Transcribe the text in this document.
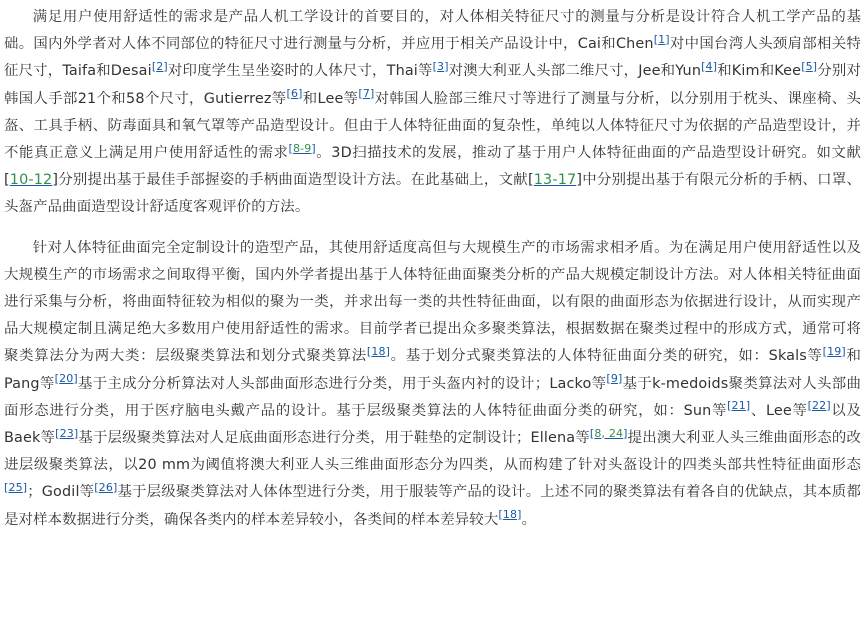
满足用户使用舒适性的需求是产品人机工学设计的首要目的，对人体相关特征尺寸的测量与分析是设计符合人机工学产品的基础。国内外学者对人体不同部位的特征尺寸进行测量与分析，并应用于相关产品设计中，Cai和Chen[1]对中国台湾人头颈肩部相关特征尺寸，Taifa和Desai[2]对印度学生呈坐姿时的人体尺寸，Thai等[3]对澳大利亚人头部二维尺寸，Jee和Yun[4]和Kim和Kee[5]分别对韩国人手部21个和58个尺寸，Gutierrez等[6]和Lee等[7]对韩国人脸部三维尺寸等进行了测量与分析，以分别用于枕头、课座椅、头盔、工具手柄、防毒面具和氧气罩等产品造型设计。但由于人体特征曲面的复杂性，单纯以人体特征尺寸为依据的产品造型设计，并不能真正意义上满足用户使用舒适性的需求[8-9]。3D扫描技术的发展，推动了基于用户人体特征曲面的产品造型设计研究。如文献[10-12]分别提出基于最佳手部握姿的手柄曲面造型设计方法。在此基础上，文献[13-17]中分别提出基于有限元分析的手柄、口罩、头盔产品曲面造型设计舒适度客观评价的方法。

针对人体特征曲面完全定制设计的造型产品，其使用舒适度高但与大规模生产的市场需求相矛盾。为在满足用户使用舒适性以及大规模生产的市场需求之间取得平衡，国内外学者提出基于人体特征曲面聚类分析的产品大规模定制设计方法。对人体相关特征曲面进行采集与分析，将曲面特征较为相似的聚为一类，并求出每一类的共性特征曲面，以有限的曲面形态为依据进行设计，从而实现产品大规模定制且满足绝大多数用户使用舒适性的需求。目前学者已提出众多聚类算法，根据数据在聚类过程中的形成方式，通常可将聚类算法分为两大类：层级聚类算法和划分式聚类算法[18]。基于划分式聚类算法的人体特征曲面分类的研究，如：Skals等[19]和Pang等[20]基于主成分分析算法对人头部曲面形态进行分类，用于头盔内衬的设计；Lacko等[9]基于k-medoids聚类算法对人头部曲面形态进行分类，用于医疗脑电头戴产品的设计。基于层级聚类算法的人体特征曲面分类的研究，如：Sun等[21]、Lee等[22]以及Baek等[23]基于层级聚类算法对人足底曲面形态进行分类，用于鞋垫的定制设计；Ellena等[8, 24]提出澳大利亚人头三维曲面形态的改进层级聚类算法，以20 mm为阈值将澳大利亚人头三维曲面形态分为四类，从而构建了针对头盔设计的四类头部共性特征曲面形态[25]；Godil等[26]基于层级聚类算法对人体体型进行分类，用于服装等产品的设计。上述不同的聚类算法有着各自的优缺点，其本质都是对样本数据进行分类，确保各类内的样本差异较小，各类间的样本差异较大[18]。
